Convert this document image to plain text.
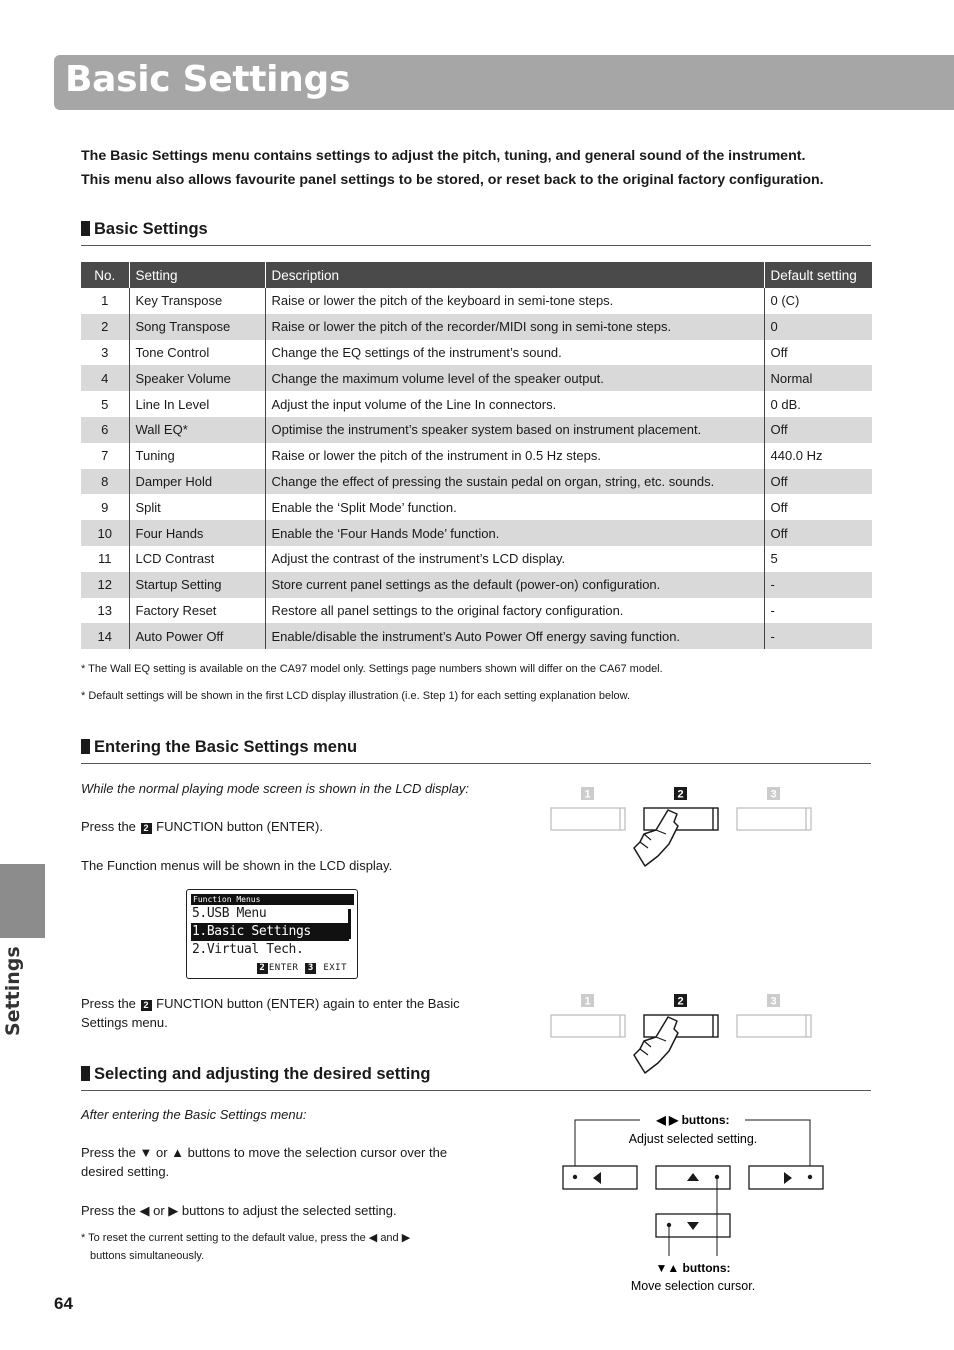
Basic Settings
The Basic Settings menu contains settings to adjust the pitch, tuning, and general sound of the instrument.
This menu also allows favourite panel settings to be stored, or reset back to the original factory configuration.
Basic Settings
No.	Setting	Description	Default setting
1	Key Transpose	Raise or lower the pitch of the keyboard in semi-tone steps.	0 (C)
2	Song Transpose	Raise or lower the pitch of the recorder/MIDI song in semi-tone steps.	0
3	Tone Control	Change the EQ settings of the instrument’s sound.	Off
4	Speaker Volume	Change the maximum volume level of the speaker output.	Normal
5	Line In Level	Adjust the input volume of the Line In connectors.	0 dB.
6	Wall EQ*	Optimise the instrument’s speaker system based on instrument placement.	Off
7	Tuning	Raise or lower the pitch of the instrument in 0.5 Hz steps.	440.0 Hz
8	Damper Hold	Change the effect of pressing the sustain pedal on organ, string, etc. sounds.	Off
9	Split	Enable the ‘Split Mode’ function.	Off
10	Four Hands	Enable the ‘Four Hands Mode’ function.	Off
11	LCD Contrast	Adjust the contrast of the instrument’s LCD display.	5
12	Startup Setting	Store current panel settings as the default (power-on) configuration.	-
13	Factory Reset	Restore all panel settings to the original factory configuration.	-
14	Auto Power Off	Enable/disable the instrument’s Auto Power Off energy saving function.	-
* The Wall EQ setting is available on the CA97 model only. Settings page numbers shown will differ on the CA67 model.
* Default settings will be shown in the first LCD display illustration (i.e. Step 1) for each setting explanation below.
Entering the Basic Settings menu
While the normal playing mode screen is shown in the LCD display:
Press the 2 FUNCTION button (ENTER).
The Function menus will be shown in the LCD display.
Function Menus
5.USB Menu
1.Basic Settings
2.Virtual Tech.
2 ENTER 3 EXIT
Press the 2 FUNCTION button (ENTER) again to enter the Basic
Settings menu.
1	2	3
1	2	3
Selecting and adjusting the desired setting
After entering the Basic Settings menu:
Press the ▼ or ▲ buttons to move the selection cursor over the
desired setting.
Press the ◀ or ▶ buttons to adjust the selected setting.
* To reset the current setting to the default value, press the ◀ and ▶
buttons simultaneously.
◀ ▶ buttons:
Adjust selected setting.
▼▲ buttons:
Move selection cursor.
Settings
64
